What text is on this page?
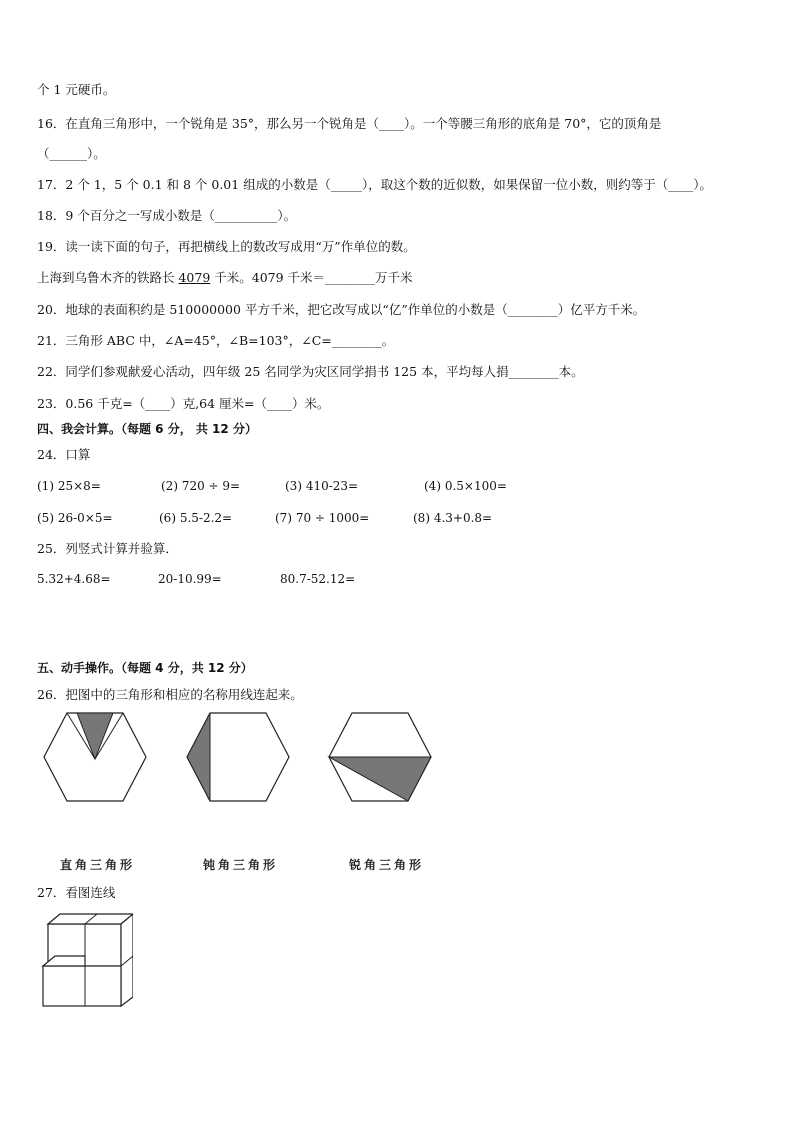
个 1 元硬币。
16．在直角三角形中，一个锐角是 35°，那么另一个锐角是（____）。一个等腰三角形的底角是 70°，它的顶角是
（______）。
17．2 个 1，5 个 0.1 和 8 个 0.01 组成的小数是（_____），取这个数的近似数，如果保留一位小数，则约等于（____）。
18．9 个百分之一写成小数是（__________）。
19．读一读下面的句子，再把横线上的数改写成用“万”作单位的数。
上海到乌鲁木齐的铁路长 4079 千米。4079 千米＝________万千米
20．地球的表面积约是 510000000 平方千米，把它改写成以“亿”作单位的小数是（________）亿平方千米。
21．三角形 ABC 中，∠A=45°，∠B=103°，∠C=________。
22．同学们参观献爱心活动，四年级 25 名同学为灾区同学捐书 125 本，平均每人捐________本。
23．0.56 千克=（____）克,64 厘米=（____）米。
四、我会计算。（每题 6 分， 共 12 分）
24．口算
(1) 25×8=	(2) 720 ÷ 9=	(3) 410-23=	(4) 0.5×100=
(5) 26-0×5=	(6) 5.5-2.2=	(7) 70 ÷ 1000=	(8) 4.3+0.8=
25．列竖式计算并验算．
5.32+4.68=	20-10.99=	80.7-52.12=
五、动手操作。（每题 4 分，共 12 分）
26．把图中的三角形和相应的名称用线连起来。
直角三角形	钝角三角形	锐角三角形
27．看图连线
